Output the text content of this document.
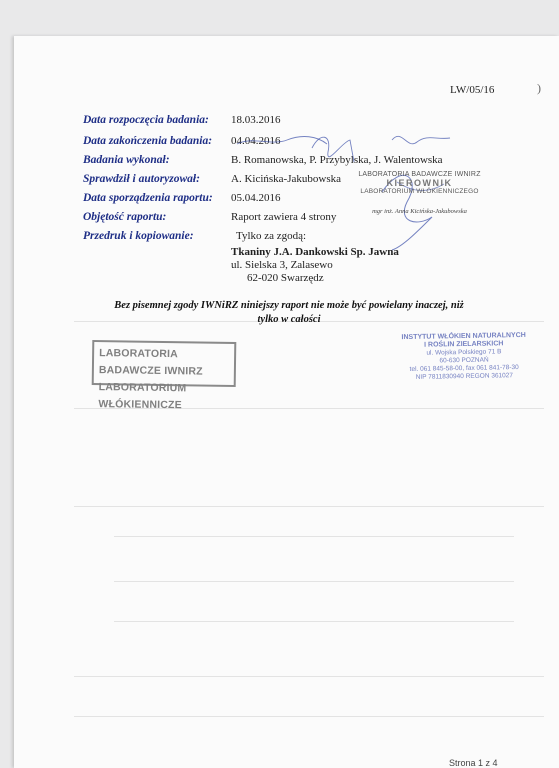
)
LW/05/16
Data rozpoczęcia badania: 18.03.2016
Data zakończenia badania: 04.04.2016
Badania wykonał:	B. Romanowska, P. Przybylska, J. Walentowska
Sprawdził i autoryzował:	A. Kicińska-Jakubowska
Data sporządzenia raportu: 05.04.2016
Objętość raportu:	Raport zawiera 4 strony
Przedruk i kopiowanie:	Tylko za zgodą:
Tkaniny J.A. Dankowski Sp. Jawna
ul. Sielska 3, Zalasewo
62-020 Swarzędz
LABORATORIA BADAWCZE IWNIRZ
KIEROWNIK
LABORATORIUM WŁÓKIENNICZEGO
mgr inż. Anna Kicińska-Jakubowska
Bez pisemnej zgody IWNiRZ niniejszy raport nie może być powielany inaczej, niż
tylko w całości
LABORATORIA BADAWCZE IWNIRZ
LABORATORIUM WŁÓKIENNICZE
INSTYTUT WŁÓKIEN NATURALNYCH
I ROŚLIN ZIELARSKICH
ul. Wojska Polskiego 71 B
60-630 POZNAŃ
tel. 061 845-58-00, fax 061 841-78-30
NIP 7811830940 REGON 361027
Strona 1 z 4
